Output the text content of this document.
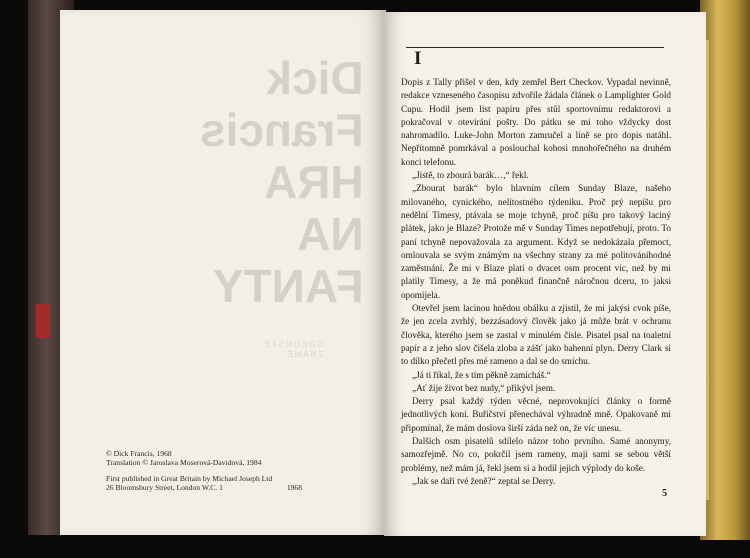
Dick
Francis
HRA
NA
FANTY
ODEONSKÉ
ZNÁMÉ
© Dick Francis, 1968
Translation © Jaroslava Moserová-Davidová, 1984
First published in Great Britain by Michael Joseph Ltd
26 Bloomsbury Street, London W.C. 1	1968
I

Dopis z Tally přišel v den, kdy zemřel Bert Checkov. Vypadal nevinně, redakce vzneseného časopisu zdvořile žádala článek o Lamplighter Gold Cupu. Hodil jsem list papíru přes stůl sportovnímu redaktorovi a pokračoval v otevírání pošty. Do pátku se mi toho vždycky dost nahromadilo. Luke-John Morton zamručel a líně se pro dopis natáhl. Nepřítomně pomrkával a poslouchal kohosi mnohořečného na druhém konci telefonu.

„Jistě, to zbourá barák…,“ řekl.

„Zbourat barák“ bylo hlavním cílem Sunday Blaze, našeho milovaného, cynického, nelítostného týdeníku. Proč prý nepíšu pro nedělní Timesy, ptávala se moje tchyně, proč píšu pro takový laciný plátek, jako je Blaze? Protože mě v Sunday Times nepotřebují, proto. To paní tchyně nepovažovala za argument. Když se nedokázala přemoct, omlouvala se svým známým na všechny strany za mé politováníhodné zaměstnání. Že mi v Blaze platí o dvacet osm procent víc, než by mi platily Timesy, a že má poněkud finančně náročnou dceru, to jaksi opomíjela.

Otevřel jsem lacinou hnědou obálku a zjistil, že mi jakýsi cvok píše, že jen zcela zvrhlý, bezzásadový člověk jako já může brát v ochranu člověka, kterého jsem se zastal v minulém čísle. Pisatel psal na toaletní papír a z jeho slov čišela zloba a zášť jako bahenní plyn. Derry Clark si to dílko přečetl přes mé rameno a dal se do smíchu.

„Já ti říkal, že s tím pěkně zamícháš.“

„Ať žije život bez nudy,“ přikývl jsem.

Derry psal každý týden věcné, neprovokující články o formě jednotlivých koní. Buřičství přenechával výhradně mně. Opakovaně mi připomínal, že mám doslova širší záda než on, že víc unesu.

Dalších osm pisatelů sdílelo názor toho prvního. Samé anonymy, samozřejmě. No co, pokrčil jsem rameny, mají sami se sebou větší problémy, než mám já, řekl jsem si a hodil jejich výplody do koše.

„Jak se daří tvé ženě?“ zeptal se Derry.

5
